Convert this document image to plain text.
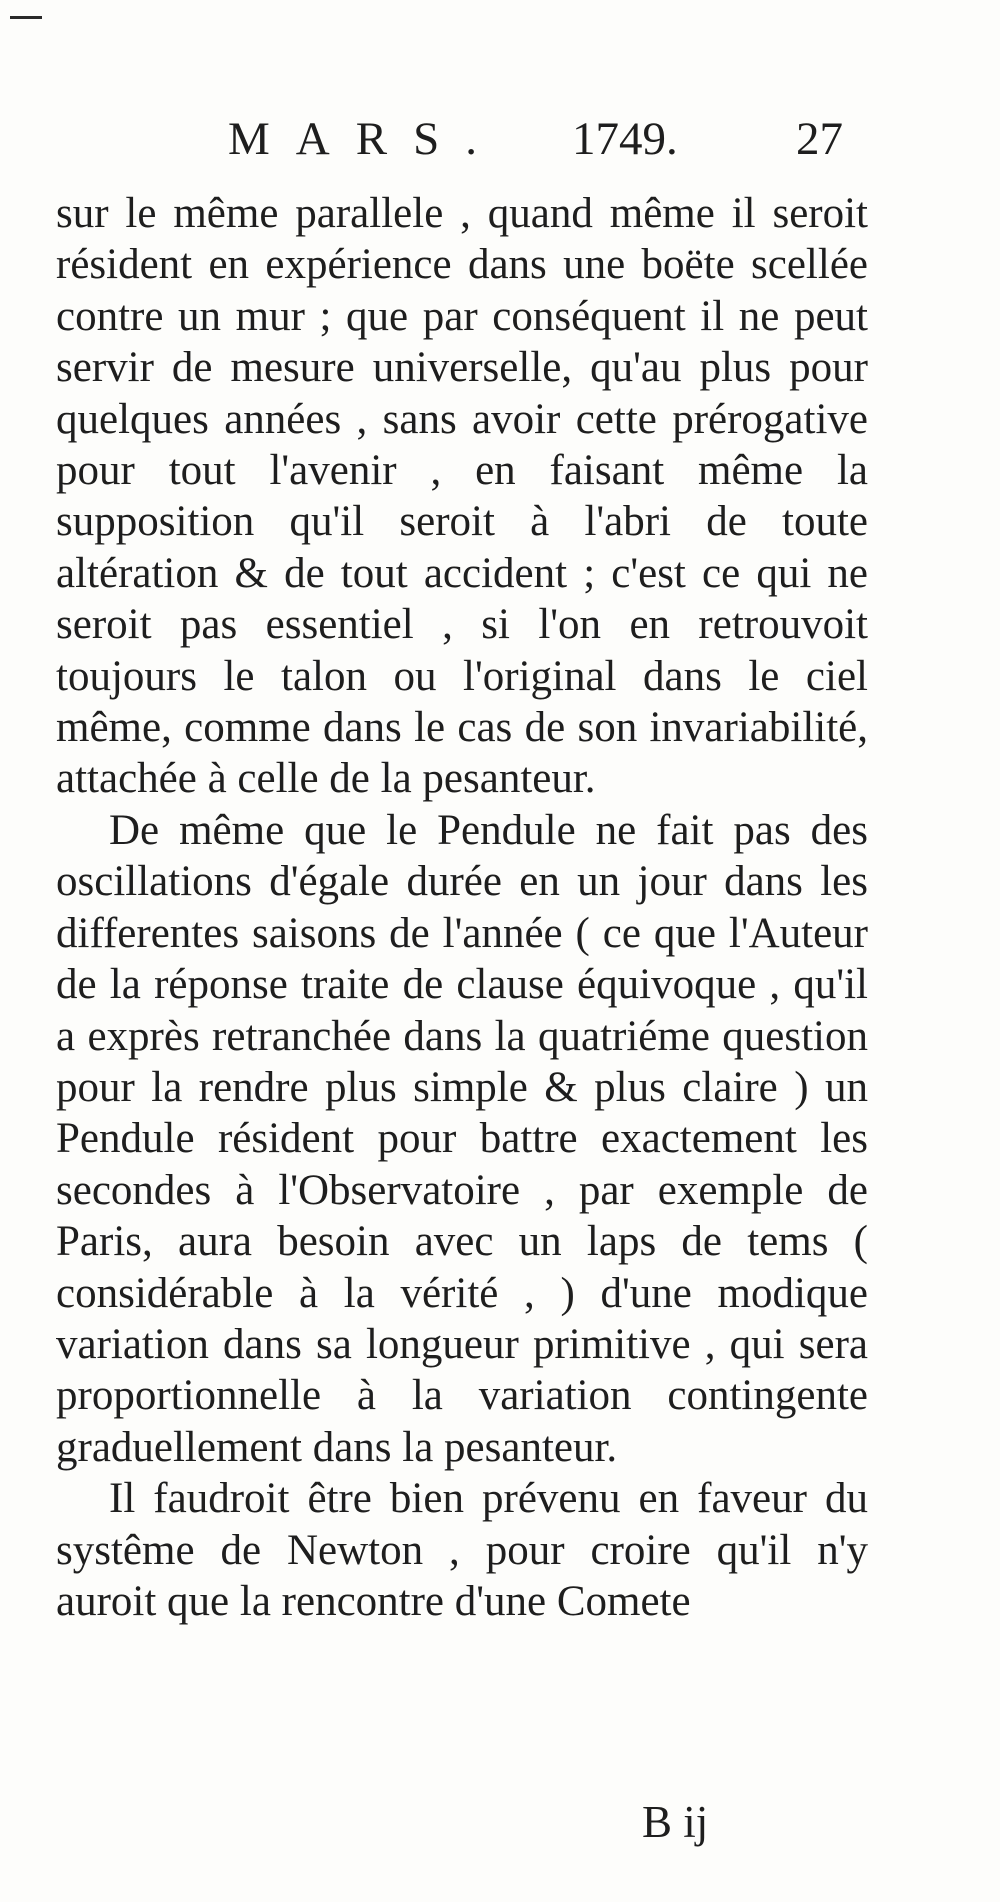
MARS. 1749.	27

sur le même parallele , quand même il seroit résident en expérience dans une boëte scellée contre un mur ; que par conséquent il ne peut servir de mesure universelle, qu'au plus pour quelques années , sans avoir cette prérogative pour tout l'avenir , en faisant même la supposition qu'il seroit à l'abri de toute altération & de tout accident ; c'est ce qui ne seroit pas essentiel , si l'on en retrouvoit toujours le talon ou l'original dans le ciel même, comme dans le cas de son invariabilité, attachée à celle de la pesanteur.

De même que le Pendule ne fait pas des oscillations d'égale durée en un jour dans les differentes saisons de l'année ( ce que l'Auteur de la réponse traite de clause équivoque , qu'il a exprès retranchée dans la quatriéme question pour la rendre plus simple & plus claire ) un Pendule résident pour battre exactement les secondes à l'Observatoire , par exemple de Paris, aura besoin avec un laps de tems ( considérable à la vérité , ) d'une modique variation dans sa longueur primitive , qui sera proportionnelle à la variation contingente graduellement dans la pesanteur.

Il faudroit être bien prévenu en faveur du systême de Newton , pour croire qu'il n'y auroit que la rencontre d'une Comete

B ij
